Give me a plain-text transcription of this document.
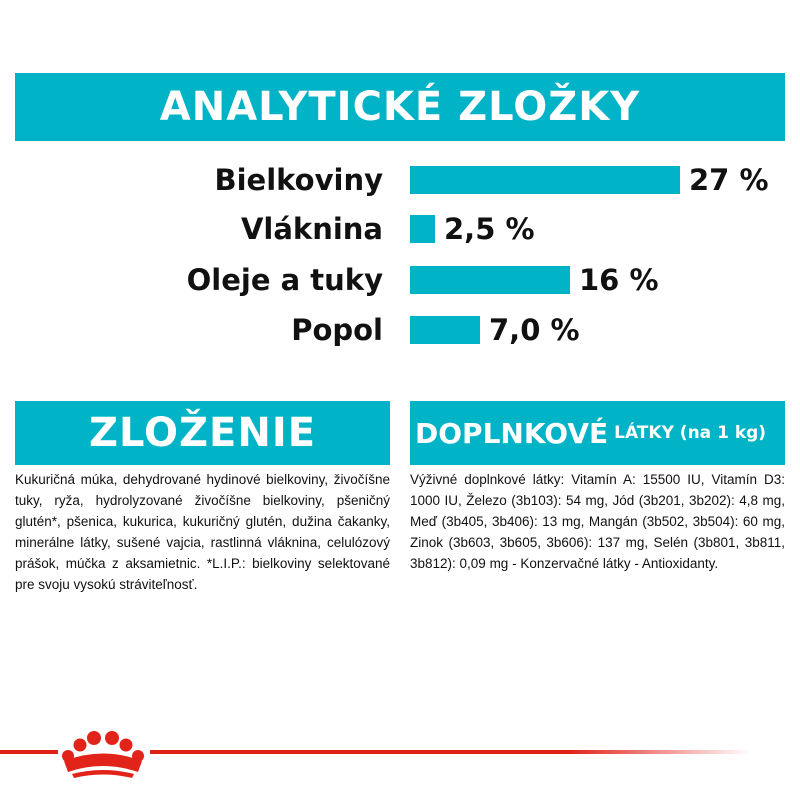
ANALYTICKÉ ZLOŽKY
Bielkoviny	27 %
Vláknina 2,5 %
Oleje a tuky	16 %
Popol	7,0 %
ZLOŽENIE	DOPLNKOVÉ LÁTKY (na 1 kg)
Kukuričná múka, dehydrované hydinové bielkoviny, živočíšne tuky, ryža, hydrolyzované živočíšne bielkoviny, pšeničný glutén*, pšenica, kukurica, kukuričný glutén, dužina čakanky, minerálne látky, sušené vajcia, rastlinná vláknina, celulózový prášok, múčka z aksamietnic. *L.I.P.: bielkoviny selektované pre svoju vysokú stráviteľnosť.
Výživné doplnkové látky: Vitamín A: 15500 IU, Vitamín D3: 1000 IU, Železo (3b103): 54 mg, Jód (3b201, 3b202): 4,8 mg, Meď (3b405, 3b406): 13 mg, Mangán (3b502, 3b504): 60 mg, Zinok (3b603, 3b605, 3b606): 137 mg, Selén (3b801, 3b811, 3b812): 0,09 mg - Konzervačné látky - Antioxidanty.
